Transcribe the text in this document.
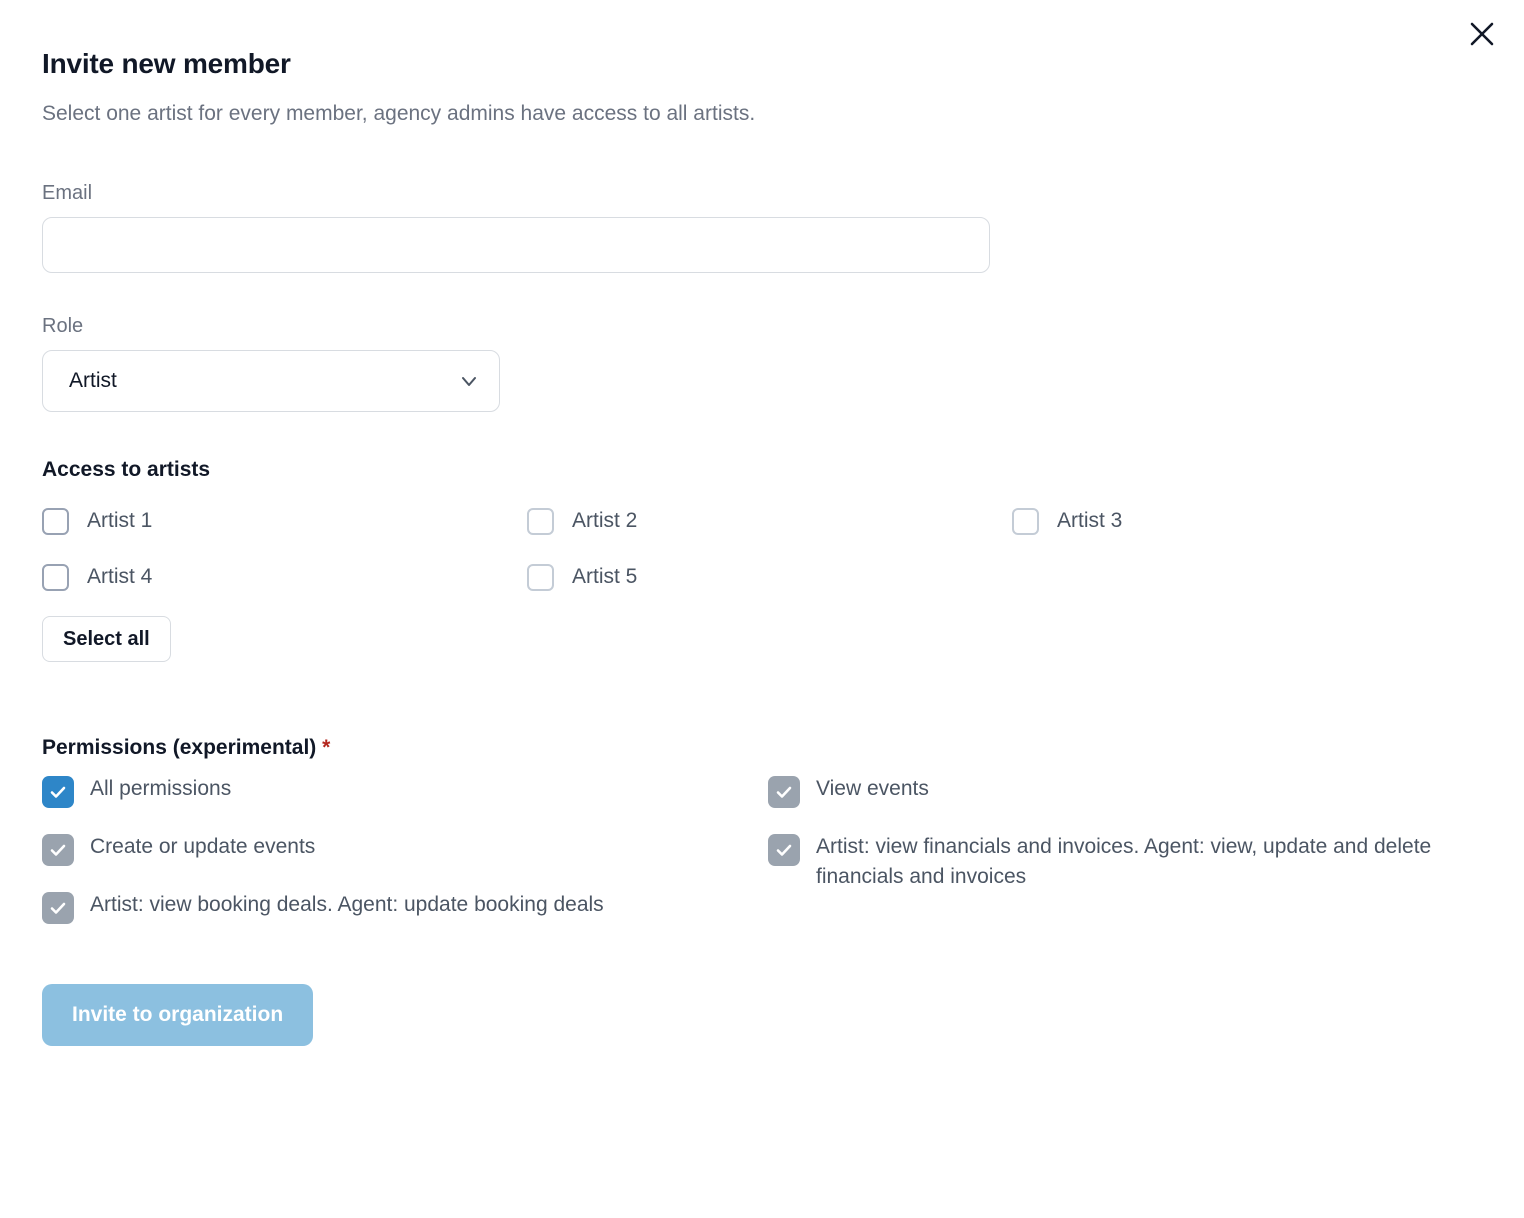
Invite new member

Select one artist for every member, agency admins have access to all artists.

Email
Role
Artist
Access to artists
Artist 1	Artist 2	Artist 3
Artist 4	Artist 5
Select all
Permissions (experimental) *
All permissions
Create or update events
Artist: view booking deals. Agent: update booking deals
View events
Artist: view financials and invoices. Agent: view, update and delete financials and invoices
Invite to organization
